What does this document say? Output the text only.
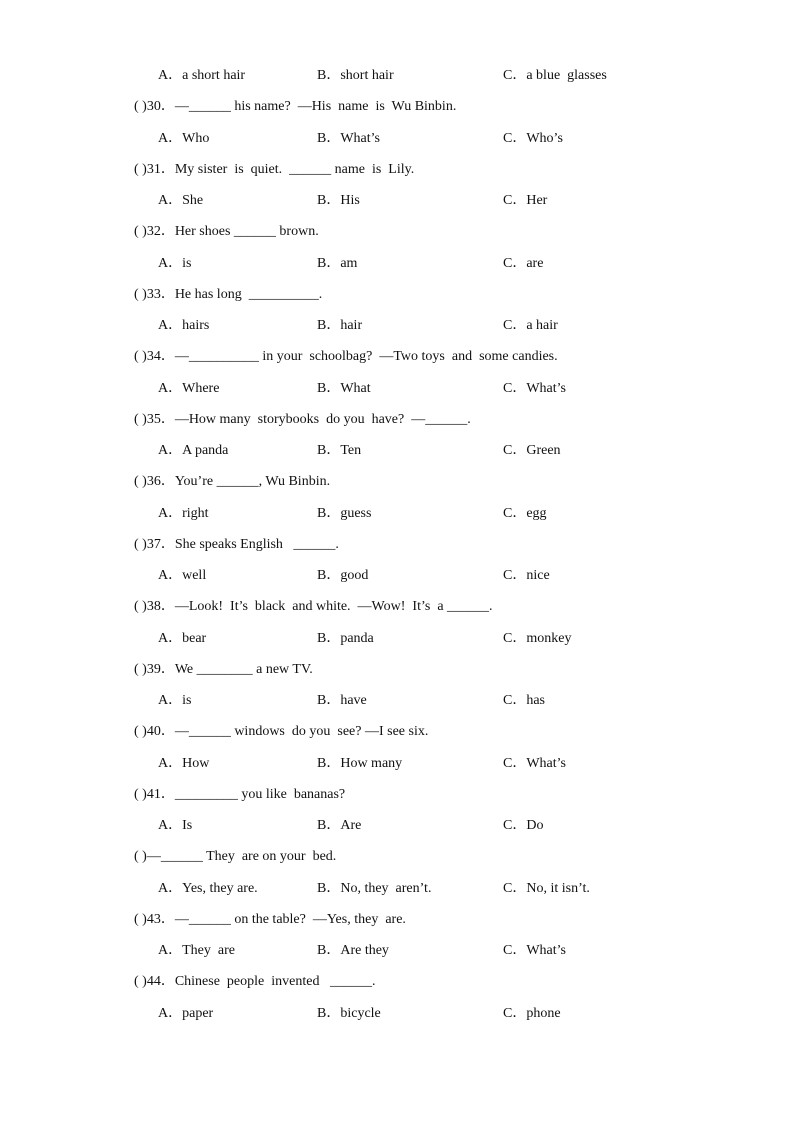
A．a short hair	B．short hair	C．a blue  glasses
( )30．—______ his name?  —His  name  is  Wu Binbin.
A．Who	B．What’s	C．Who’s
( )31．My sister  is  quiet.  ______ name  is  Lily.
A．She	B．His	C．Her
( )32．Her shoes ______ brown.
A．is	B．am	C．are
( )33．He has long  __________.
A．hairs	B．hair	C．a hair
( )34．—__________ in your  schoolbag?  —Two toys  and  some candies.
A．Where	B．What	C．What’s
( )35．—How many  storybooks  do you  have?  —______.
A．A panda	B．Ten	C．Green
( )36．You’re ______, Wu Binbin.
A．right	B．guess	C．egg
( )37．She speaks English   ______.
A．well	B．good	C．nice
( )38．—Look!  It’s  black  and white.  —Wow!  It’s  a ______.
A．bear	B．panda	C．monkey
( )39．We ________ a new TV.
A．is	B．have	C．has
( )40．—______ windows  do you  see? —I see six.
A．How	B．How many	C．What’s
( )41．_________ you like  bananas?
A．Is	B．Are	C．Do
( )—______ They  are on your  bed.
A．Yes, they are.	B．No, they  aren’t.	C．No, it isn’t.
( )43．—______ on the table?  —Yes, they  are.
A．They  are	B．Are they	C．What’s
( )44．Chinese  people  invented   ______.
A．paper	B．bicycle	C．phone
